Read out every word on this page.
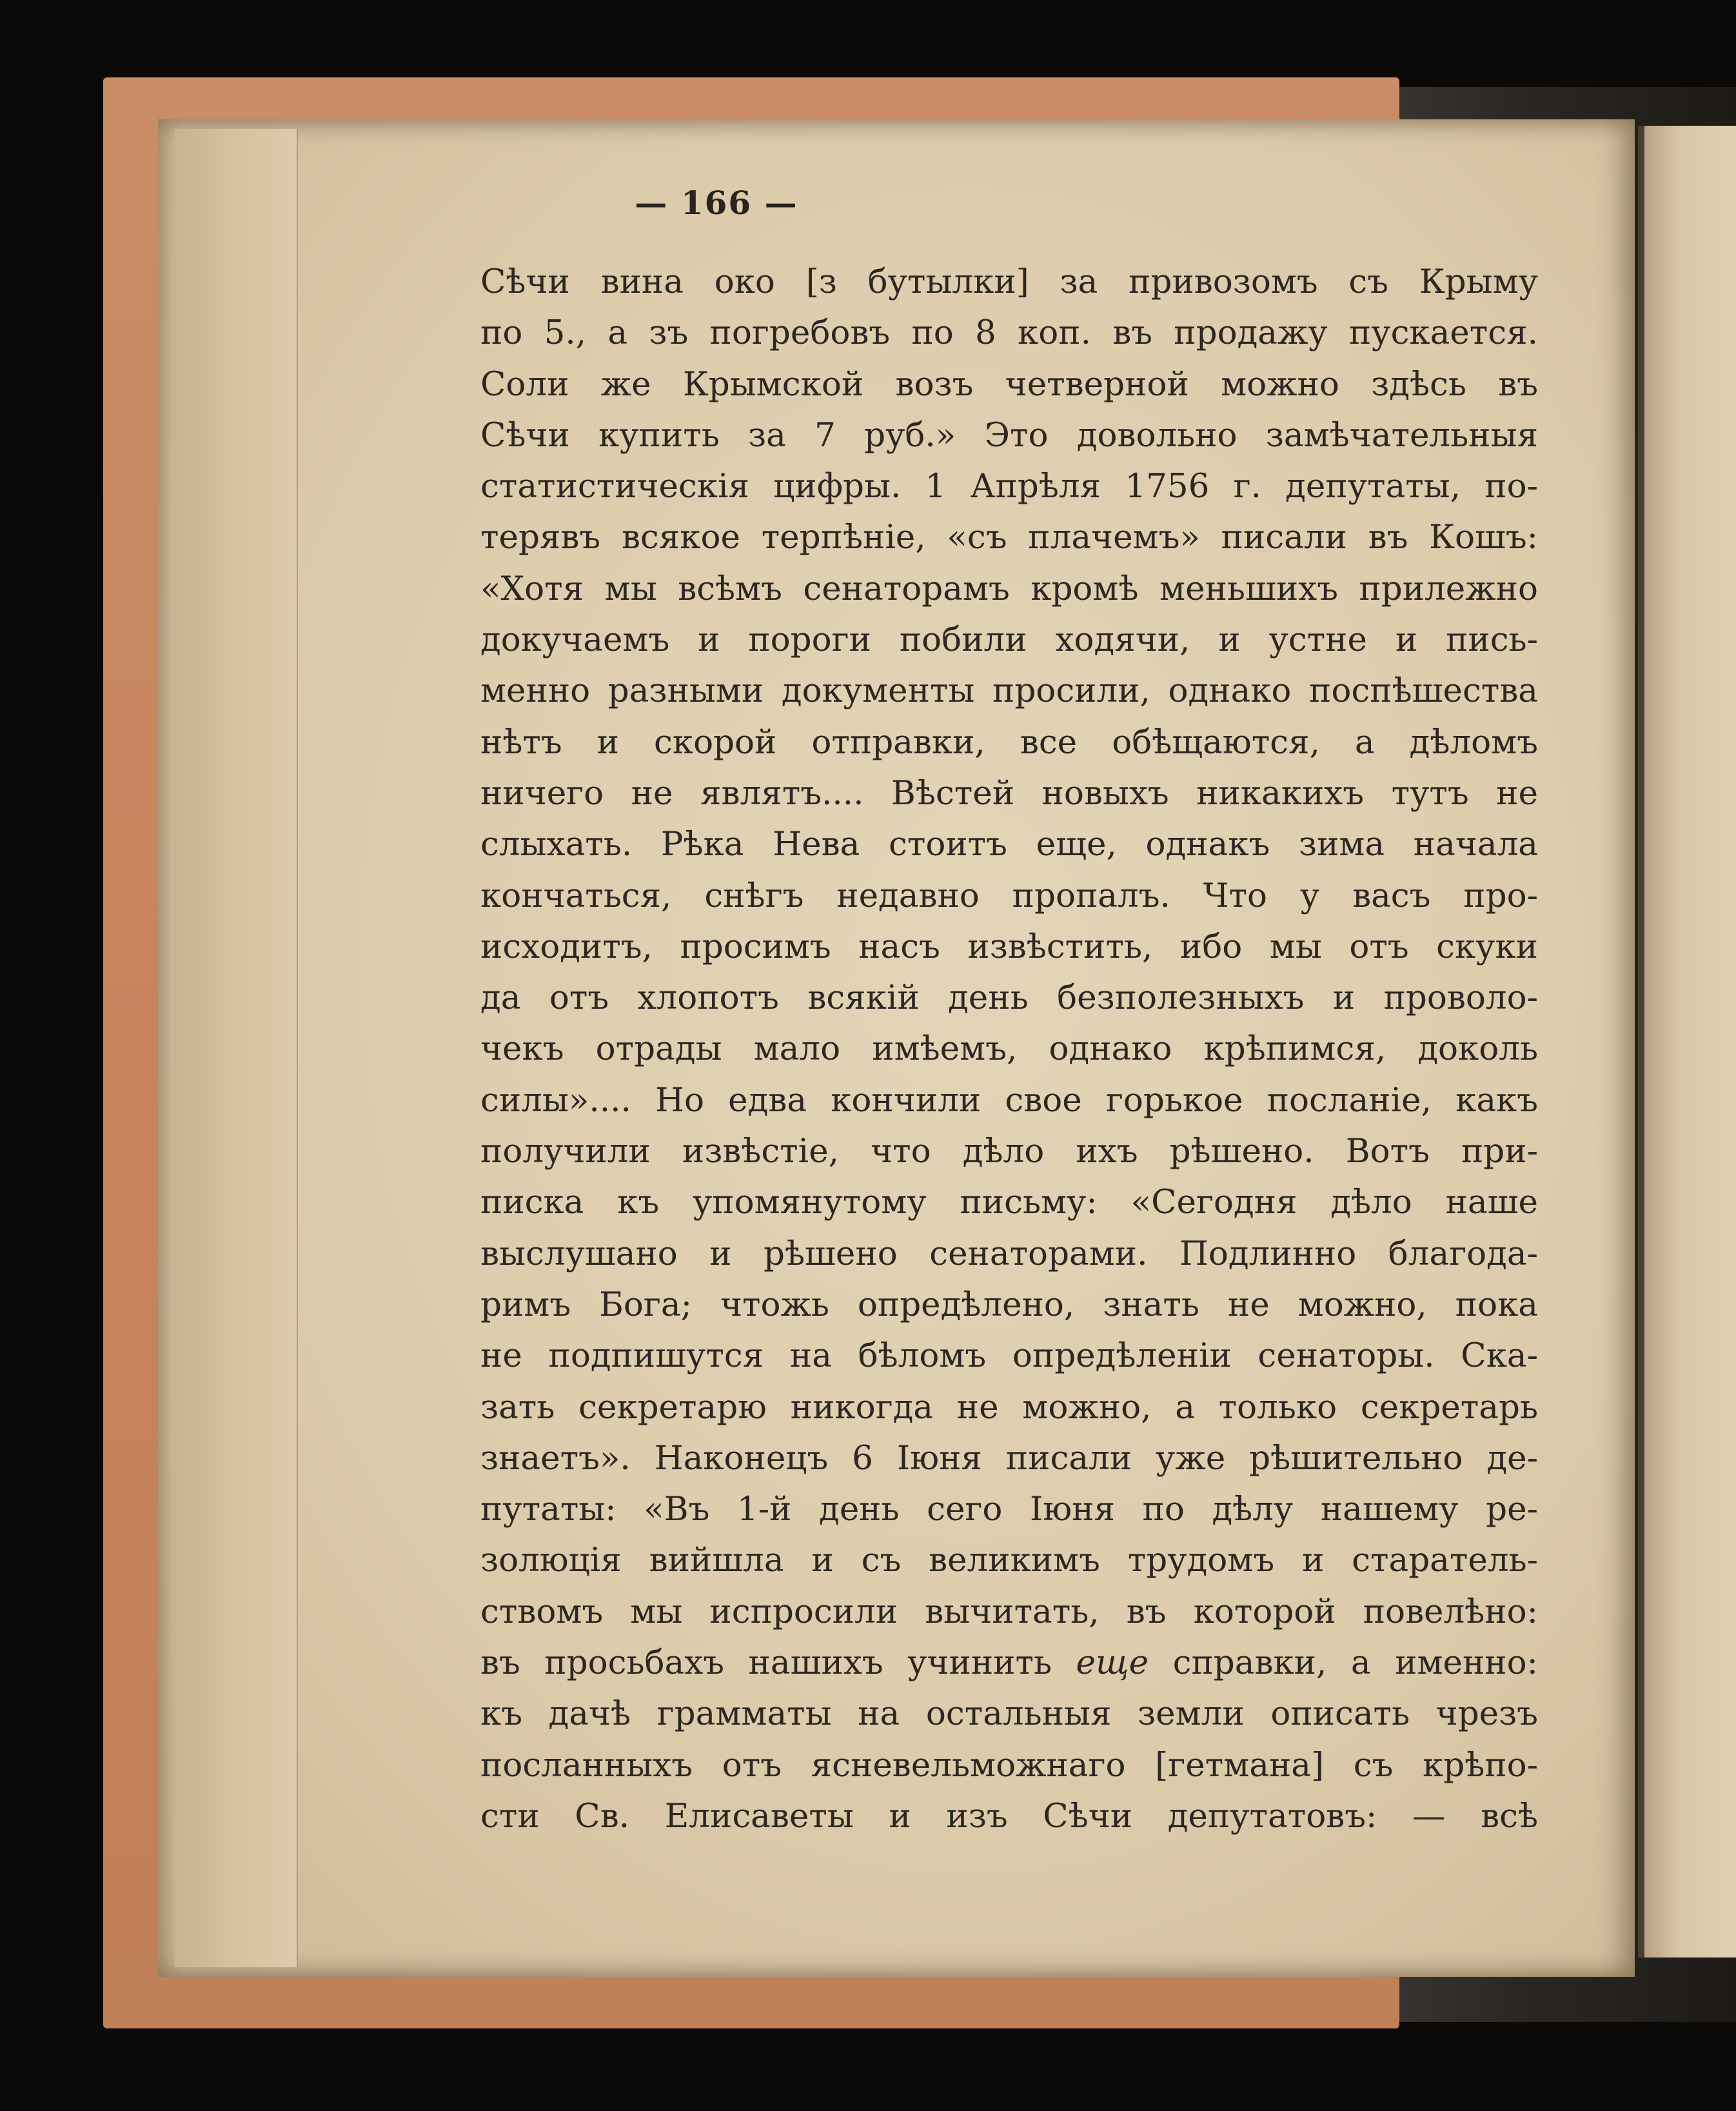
— 166 —
Сѣчи вина око [з бутылки] за привозомъ съ Крыму
по 5., а зъ погребовъ по 8 коп. въ продажу пускается.
Соли же Крымской возъ четверной можно здѣсь въ
Сѣчи купить за 7 руб.» Это довольно замѣчательныя
статистическія цифры. 1 Апрѣля 1756 г. депутаты, по-
терявъ всякое терпѣніе, «съ плачемъ» писали въ Кошъ:
«Хотя мы всѣмъ сенаторамъ кромѣ меньшихъ прилежно
докучаемъ и пороги побили ходячи, и устне и пись-
менно разными документы просили, однако поспѣшества
нѣтъ и скорой отправки, все обѣщаются, а дѣломъ
ничего не являтъ.... Вѣстей новыхъ никакихъ тутъ не
слыхать. Рѣка Нева стоитъ еще, однакъ зима начала
кончаться, снѣгъ недавно пропалъ. Что у васъ про-
исходитъ, просимъ насъ извѣстить, ибо мы отъ скуки
да отъ хлопотъ всякій день безполезныхъ и проволо-
чекъ отрады мало имѣемъ, однако крѣпимся, доколь
силы».... Но едва кончили свое горькое посланіе, какъ
получили извѣстіе, что дѣло ихъ рѣшено. Вотъ при-
писка къ упомянутому письму: «Сегодня дѣло наше
выслушано и рѣшено сенаторами. Подлинно благода-
римъ Бога; чтожь опредѣлено, знать не можно, пока
не подпишутся на бѣломъ опредѣленіи сенаторы. Ска-
зать секретарю никогда не можно, а только секретарь
знаетъ». Наконецъ 6 Іюня писали уже рѣшительно де-
путаты: «Въ 1-й день сего Іюня по дѣлу нашему ре-
золюція вийшла и съ великимъ трудомъ и старатель-
ствомъ мы испросили вычитать, въ которой повелѣно:
въ просьбахъ нашихъ учинить еще справки, а именно:
къ дачѣ грамматы на остальныя земли описать чрезъ
посланныхъ отъ ясневельможнаго [гетмана] съ крѣпо-
сти Св. Елисаветы и изъ Сѣчи депутатовъ: — всѣ
